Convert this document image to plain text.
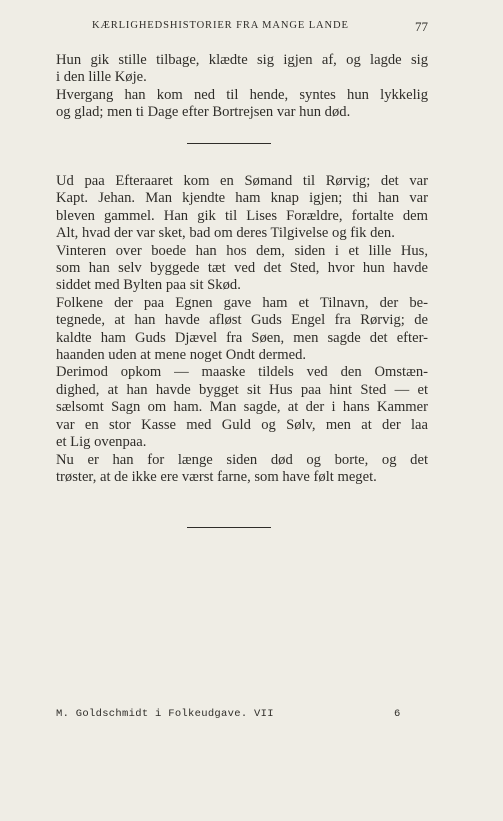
KÆRLIGHEDSHISTORIER FRA MANGE LANDE	77

Hun gik stille tilbage, klædte sig igjen af, og lagde sig
i den lille Køje.

Hvergang han kom ned til hende, syntes hun lykkelig
og glad; men ti Dage efter Bortrejsen var hun død.

Ud paa Efteraaret kom en Sømand til Rørvig; det var
Kapt. Jehan. Man kjendte ham knap igjen; thi han var
bleven gammel. Han gik til Lises Forældre, fortalte dem
Alt, hvad der var sket, bad om deres Tilgivelse og fik den.

Vinteren over boede han hos dem, siden i et lille Hus,
som han selv byggede tæt ved det Sted, hvor hun havde
siddet med Bylten paa sit Skød.

Folkene der paa Egnen gave ham et Tilnavn, der be-
tegnede, at han havde afløst Guds Engel fra Rørvig; de
kaldte ham Guds Djævel fra Søen, men sagde det efter-
haanden uden at mene noget Ondt dermed.

Derimod opkom — maaske tildels ved den Omstæn-
dighed, at han havde bygget sit Hus paa hint Sted — et
sælsomt Sagn om ham. Man sagde, at der i hans Kammer
var en stor Kasse med Guld og Sølv, men at der laa
et Lig ovenpaa.

Nu er han for længe siden død og borte, og det
trøster, at de ikke ere værst farne, som have følt meget.

M. Goldschmidt i Folkeudgave. VII	6
